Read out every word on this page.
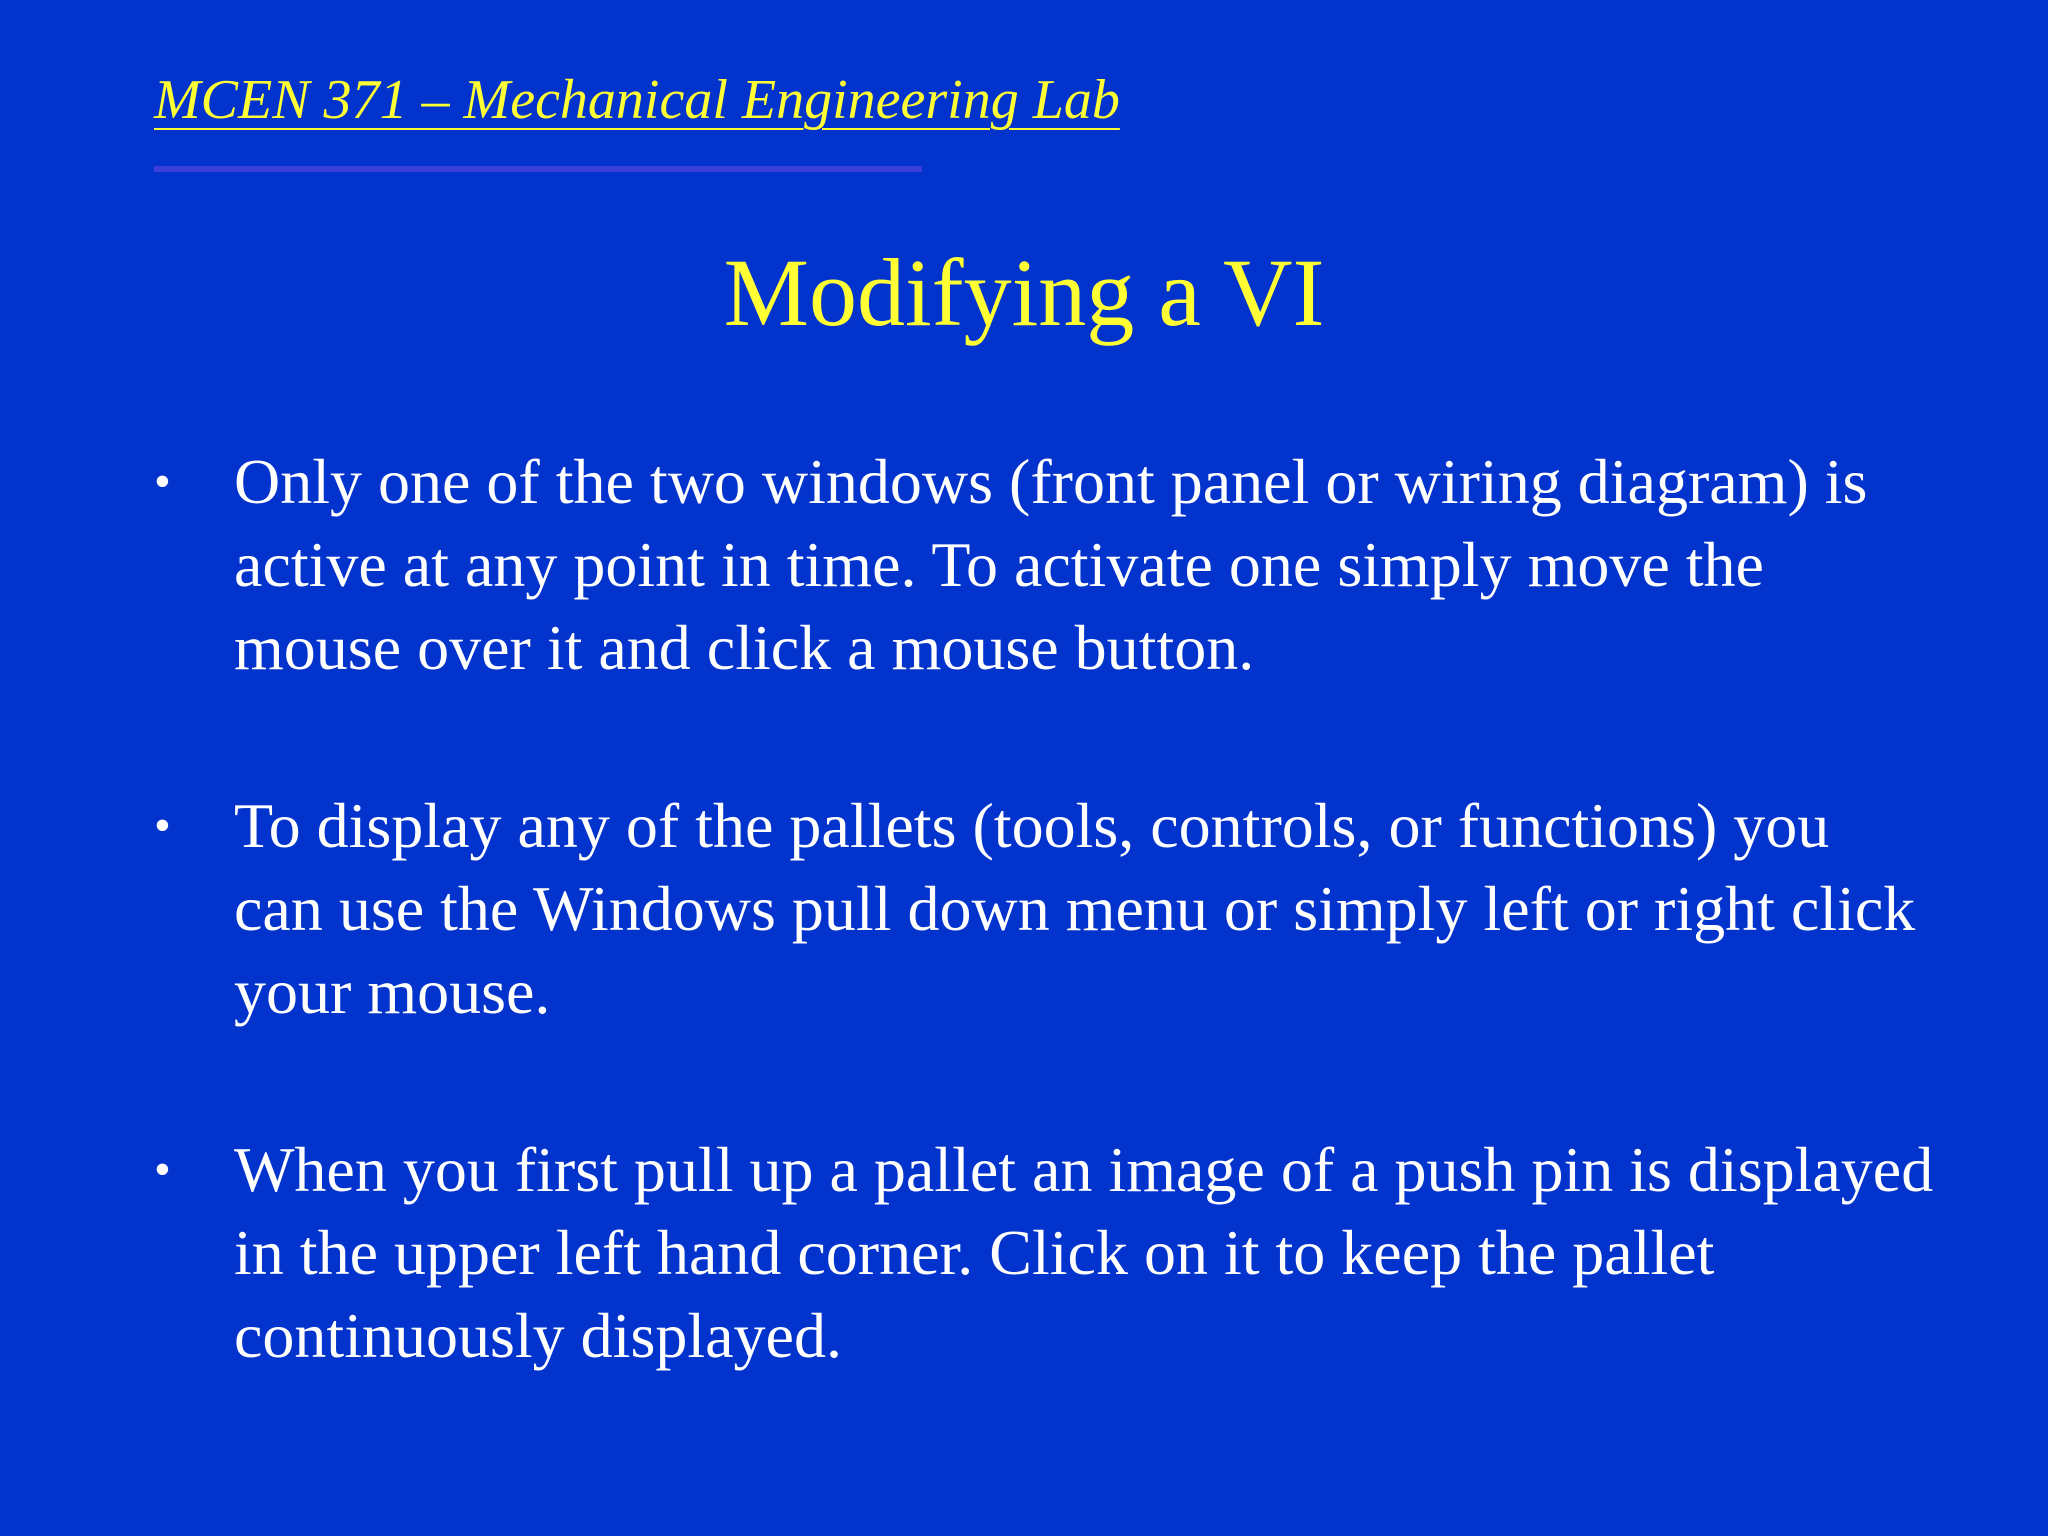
MCEN 371 – Mechanical Engineering Lab

Modifying a VI
• Only one of the two windows (front panel or wiring diagram) is active at any point in time. To activate one simply move the mouse over it and click a mouse button.
• To display any of the pallets (tools, controls, or functions) you can use the Windows pull down menu or simply left or right click your mouse.
• When you first pull up a pallet an image of a push pin is displayed in the upper left hand corner. Click on it to keep the pallet continuously displayed.
